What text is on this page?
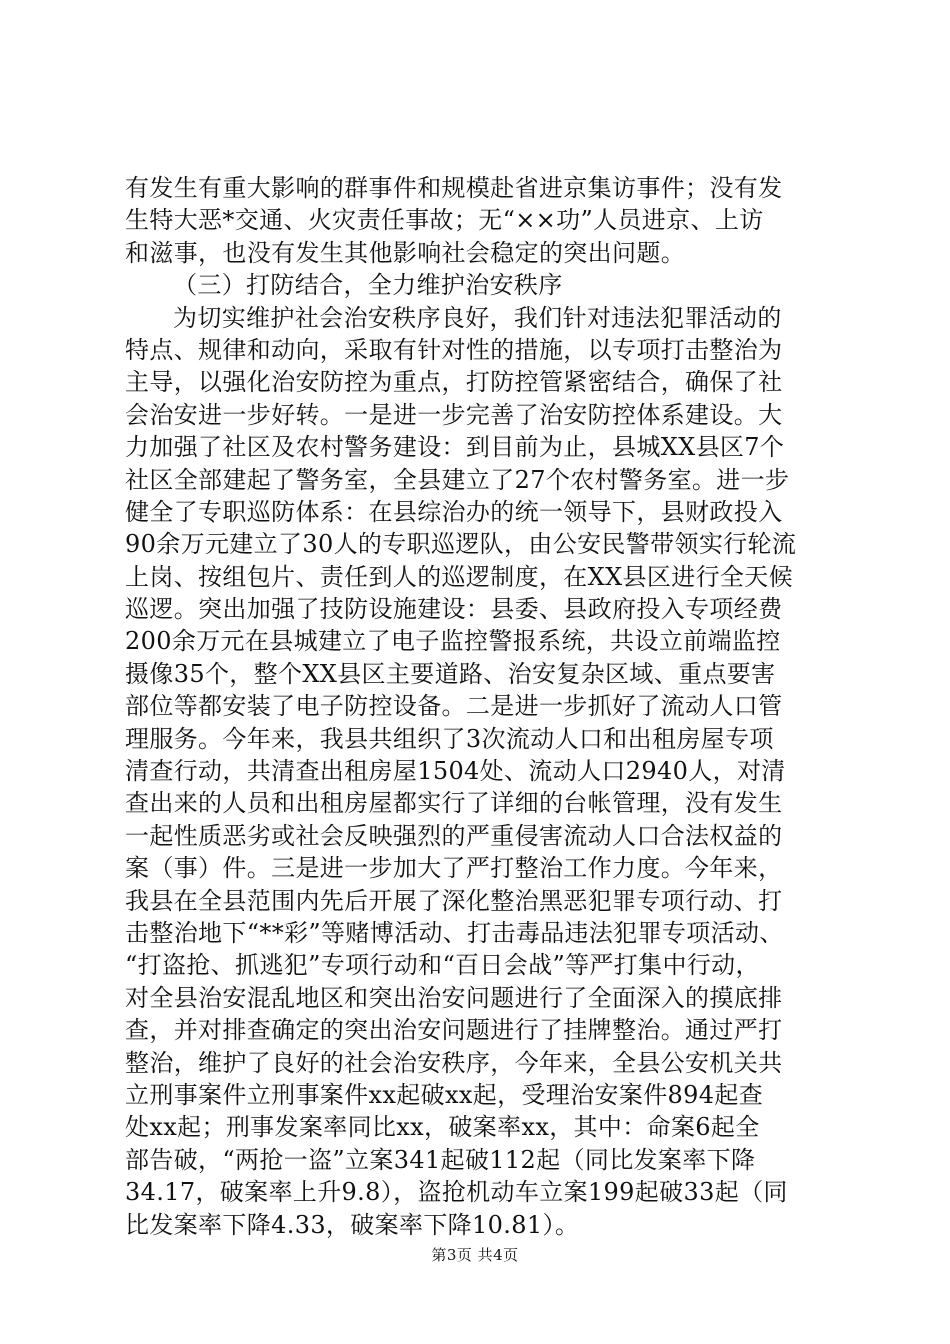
有发生有重大影响的群事件和规模赴省进京集访事件；没有发
生特大恶*交通、火灾责任事故；无“××功”人员进京、上访
和滋事，也没有发生其他影响社会稳定的突出问题。
（三）打防结合，全力维护治安秩序
为切实维护社会治安秩序良好，我们针对违法犯罪活动的
特点、规律和动向，采取有针对性的措施，以专项打击整治为
主导，以强化治安防控为重点，打防控管紧密结合，确保了社
会治安进一步好转。一是进一步完善了治安防控体系建设。大
力加强了社区及农村警务建设：到目前为止，县城XX县区7个
社区全部建起了警务室，全县建立了27个农村警务室。进一步
健全了专职巡防体系：在县综治办的统一领导下，县财政投入
90余万元建立了30人的专职巡逻队，由公安民警带领实行轮流
上岗、按组包片、责任到人的巡逻制度，在XX县区进行全天候
巡逻。突出加强了技防设施建设：县委、县政府投入专项经费
200余万元在县城建立了电子监控警报系统，共设立前端监控
摄像35个，整个XX县区主要道路、治安复杂区域、重点要害
部位等都安装了电子防控设备。二是进一步抓好了流动人口管
理服务。今年来，我县共组织了3次流动人口和出租房屋专项
清查行动，共清查出租房屋1504处、流动人口2940人，对清
查出来的人员和出租房屋都实行了详细的台帐管理，没有发生
一起性质恶劣或社会反映强烈的严重侵害流动人口合法权益的
案（事）件。三是进一步加大了严打整治工作力度。今年来，
我县在全县范围内先后开展了深化整治黑恶犯罪专项行动、打
击整治地下“**彩”等赌博活动、打击毒品违法犯罪专项活动、
“打盗抢、抓逃犯”专项行动和“百日会战”等严打集中行动，
对全县治安混乱地区和突出治安问题进行了全面深入的摸底排
查，并对排查确定的突出治安问题进行了挂牌整治。通过严打
整治，维护了良好的社会治安秩序，今年来，全县公安机关共
立刑事案件立刑事案件xx起破xx起，受理治安案件894起查
处xx起；刑事发案率同比xx，破案率xx，其中：命案6起全
部告破，“两抢一盗”立案341起破112起（同比发案率下降
34.17，破案率上升9.8），盗抢机动车立案199起破33起（同
比发案率下降4.33，破案率下降10.81）。
第3页 共4页
